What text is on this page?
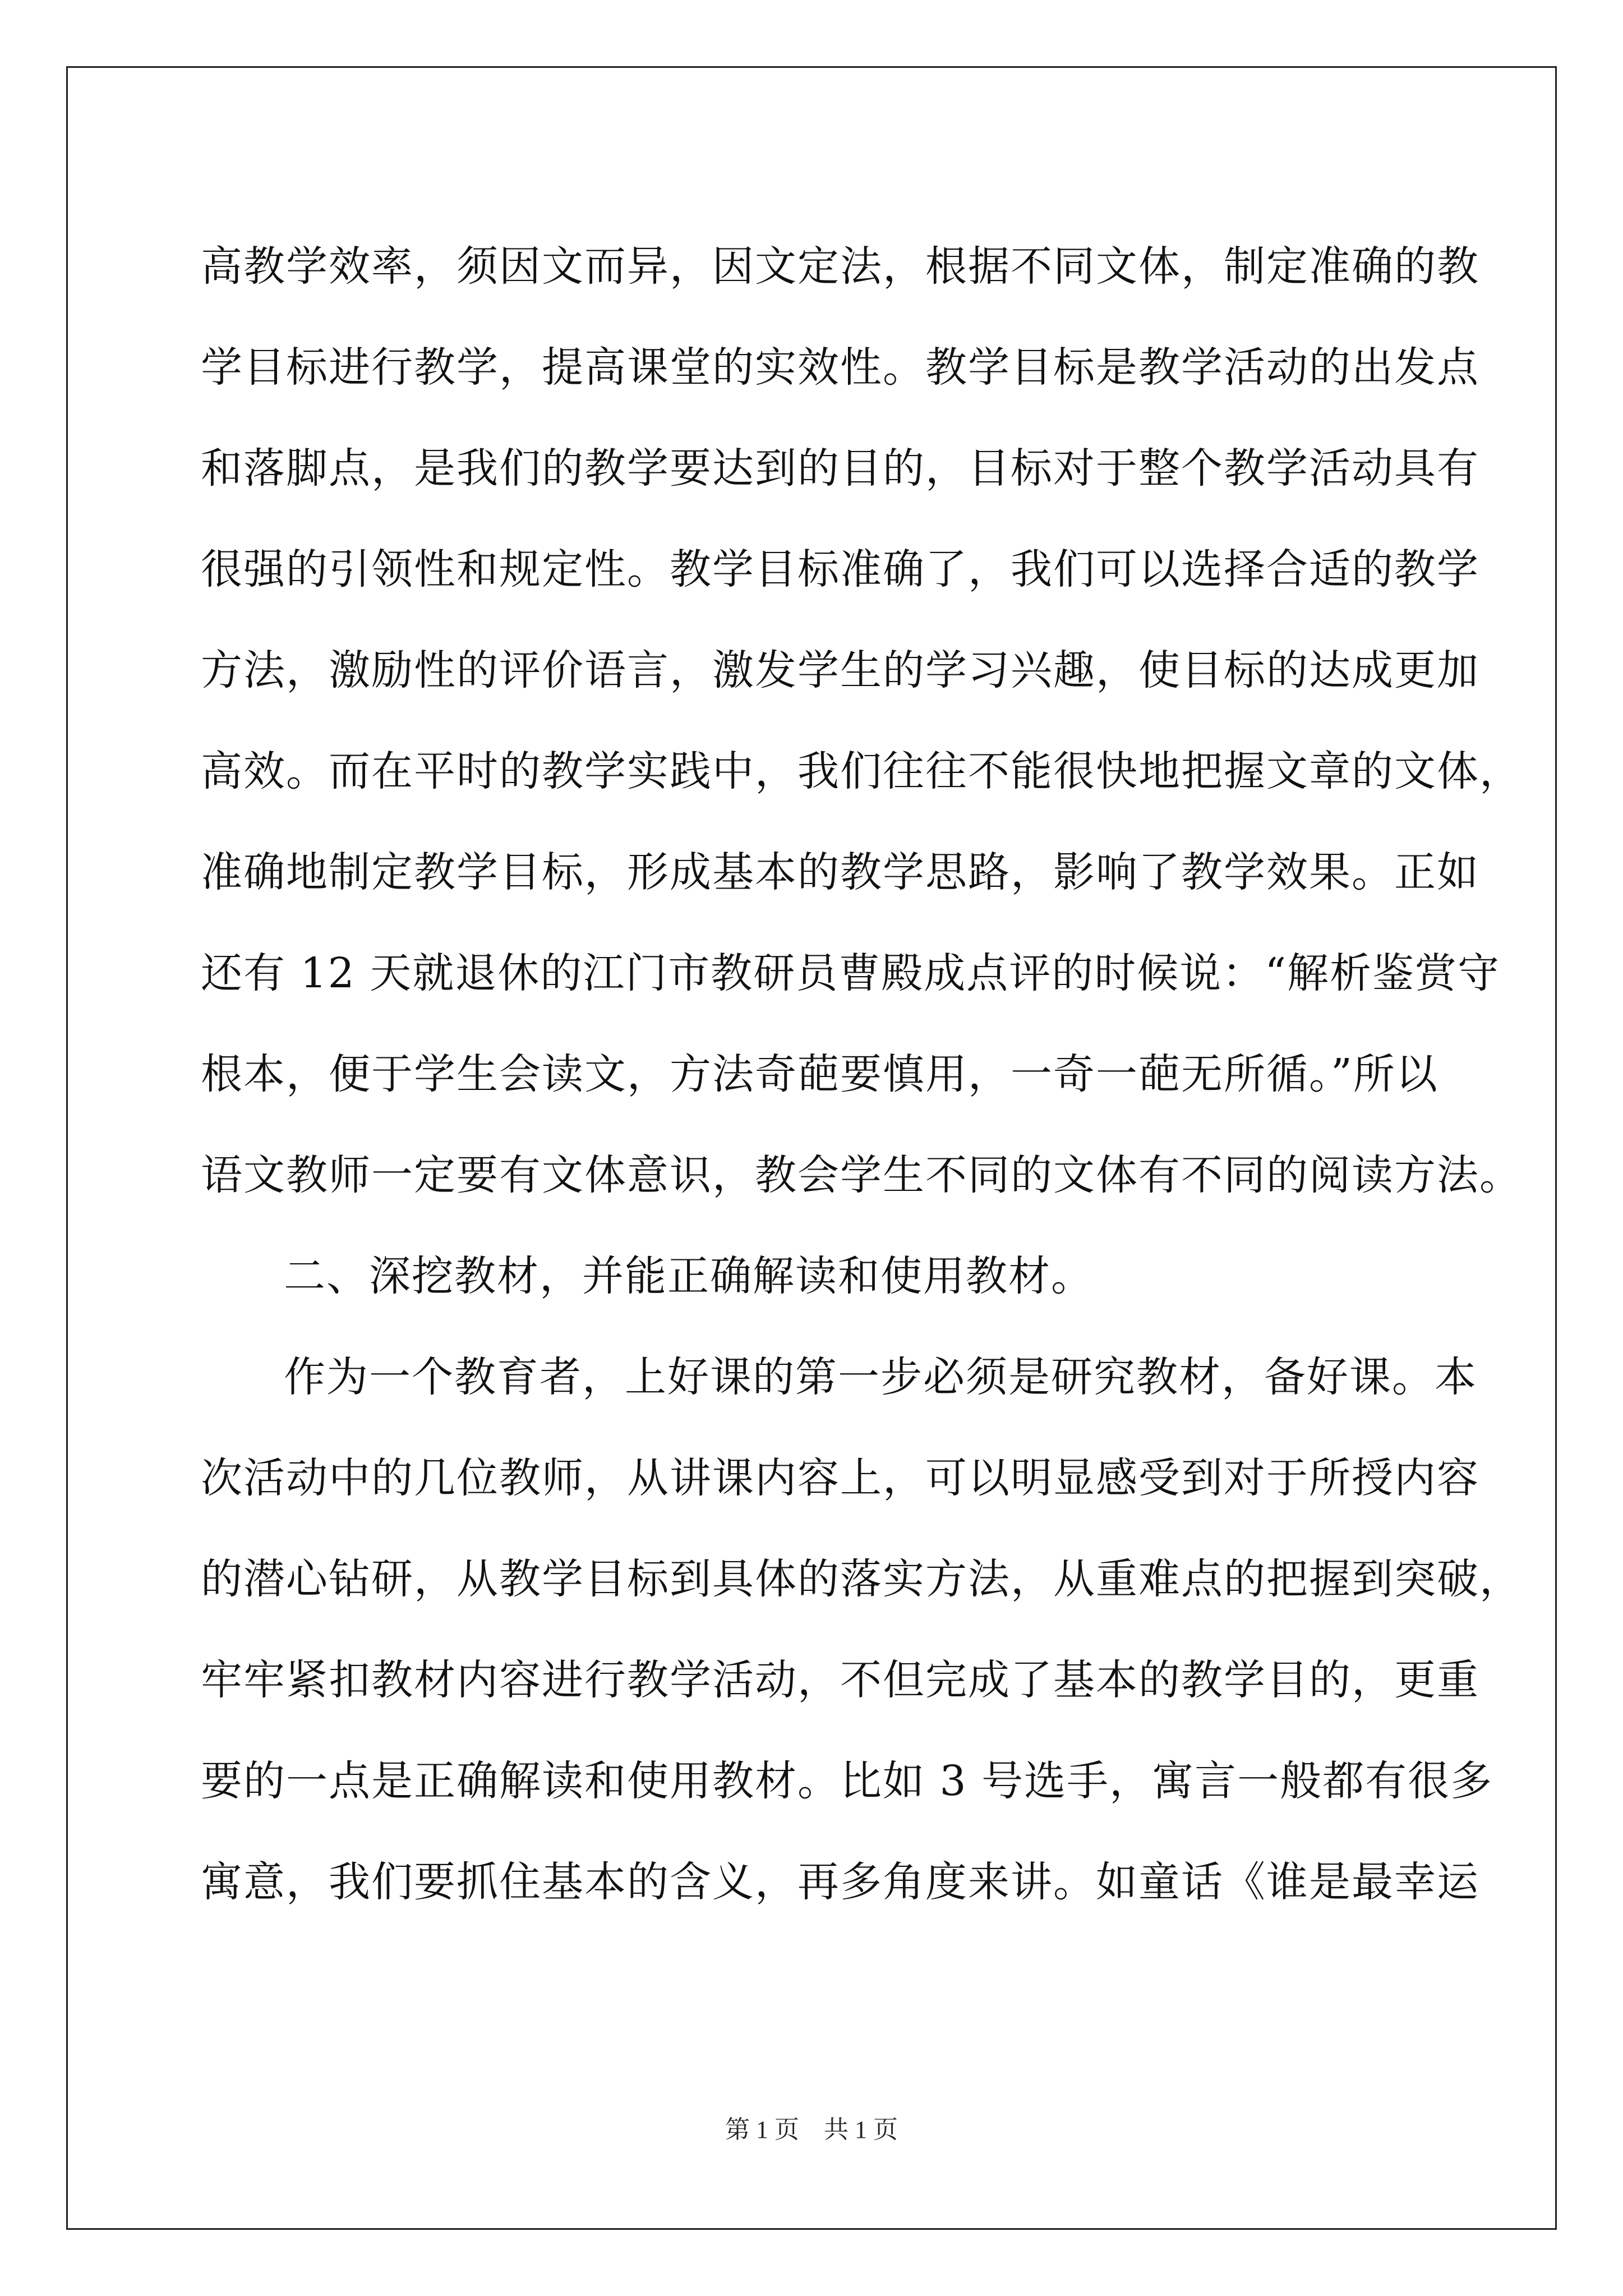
高教学效率，须因文而异，因文定法，根据不同文体，制定准确的教
学目标进行教学，提高课堂的实效性。教学目标是教学活动的出发点
和落脚点，是我们的教学要达到的目的，目标对于整个教学活动具有
很强的引领性和规定性。教学目标准确了，我们可以选择合适的教学
方法，激励性的评价语言，激发学生的学习兴趣，使目标的达成更加
高效。而在平时的教学实践中，我们往往不能很快地把握文章的文体，
准确地制定教学目标，形成基本的教学思路，影响了教学效果。正如
还有 12 天就退休的江门市教研员曹殿成点评的时候说：“解析鉴赏守
根本，便于学生会读文，方法奇葩要慎用，一奇一葩无所循。”所以
语文教师一定要有文体意识，教会学生不同的文体有不同的阅读方法。
二、深挖教材，并能正确解读和使用教材。
作为一个教育者，上好课的第一步必须是研究教材，备好课。本
次活动中的几位教师，从讲课内容上，可以明显感受到对于所授内容
的潜心钻研，从教学目标到具体的落实方法，从重难点的把握到突破，
牢牢紧扣教材内容进行教学活动，不但完成了基本的教学目的，更重
要的一点是正确解读和使用教材。比如 3 号选手，寓言一般都有很多
寓意，我们要抓住基本的含义，再多角度来讲。如童话《谁是最幸运
第 1 页    共 1 页
